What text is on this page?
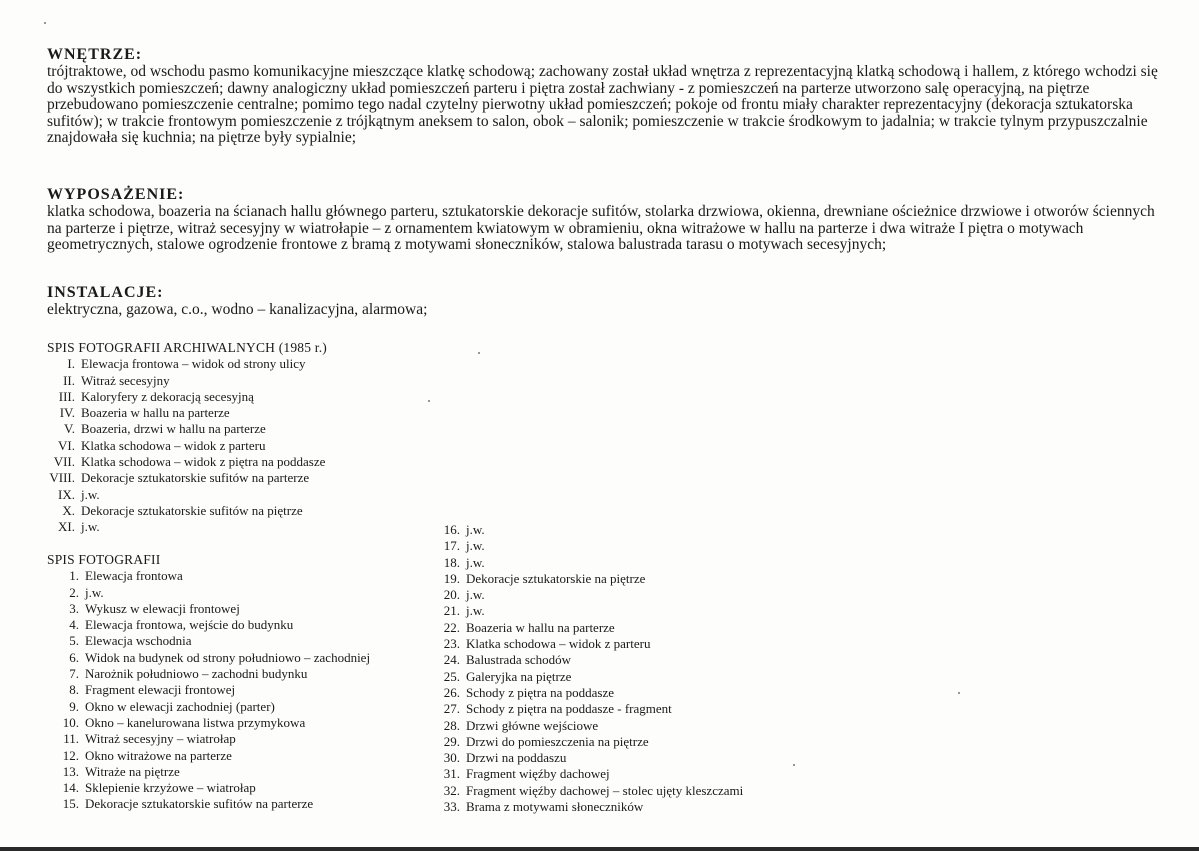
WNĘTRZE:

trójtraktowe, od wschodu pasmo komunikacyjne mieszczące klatkę schodową; zachowany został układ wnętrza z reprezentacyjną klatką schodową i hallem, z którego wchodzi się do wszystkich pomieszczeń; dawny analogiczny układ pomieszczeń parteru i piętra został zachwiany - z pomieszczeń na parterze utworzono salę operacyjną, na piętrze przebudowano pomieszczenie centralne; pomimo tego nadal czytelny pierwotny układ pomieszczeń; pokoje od frontu miały charakter reprezentacyjny (dekoracja sztukatorska sufitów); w trakcie frontowym pomieszczenie z trójkątnym aneksem to salon, obok – salonik; pomieszczenie w trakcie środkowym to jadalnia; w trakcie tylnym przypuszczalnie znajdowała się kuchnia; na piętrze były sypialnie;

WYPOSAŻENIE:

klatka schodowa, boazeria na ścianach hallu głównego parteru, sztukatorskie dekoracje sufitów, stolarka drzwiowa, okienna, drewniane ościeżnice drzwiowe i otworów ściennych na parterze i piętrze, witraż secesyjny w wiatrołapie – z ornamentem kwiatowym w obramieniu, okna witrażowe w hallu na parterze i dwa witraże I piętra o motywach geometrycznych, stalowe ogrodzenie frontowe z bramą z motywami słoneczników, stalowa balustrada tarasu o motywach secesyjnych;

INSTALACJE:

elektryczna, gazowa, c.o., wodno – kanalizacyjna, alarmowa;

SPIS FOTOGRAFII ARCHIWALNYCH (1985 r.)
I. Elewacja frontowa – widok od strony ulicy
II. Witraż secesyjny
III. Kaloryfery z dekoracją secesyjną
IV. Boazeria w hallu na parterze
V. Boazeria, drzwi w hallu na parterze
VI. Klatka schodowa – widok z parteru
VII. Klatka schodowa – widok z piętra na poddasze
VIII. Dekoracje sztukatorskie sufitów na parterze
IX. j.w.
X. Dekoracje sztukatorskie sufitów na piętrze
XI. j.w.
SPIS FOTOGRAFII
1. Elewacja frontowa
2. j.w.
3. Wykusz w elewacji frontowej
4. Elewacja frontowa, wejście do budynku
5. Elewacja wschodnia
6. Widok na budynek od strony południowo – zachodniej
7. Narożnik południowo – zachodni budynku
8. Fragment elewacji frontowej
9. Okno w elewacji zachodniej (parter)
10. Okno – kanelurowana listwa przymykowa
11. Witraż secesyjny – wiatrołap
12. Okno witrażowe na parterze
13. Witraże na piętrze
14. Sklepienie krzyżowe – wiatrołap
15. Dekoracje sztukatorskie sufitów na parterze
16. j.w.
17. j.w.
18. j.w.
19. Dekoracje sztukatorskie na piętrze
20. j.w.
21. j.w.
22. Boazeria w hallu na parterze
23. Klatka schodowa – widok z parteru
24. Balustrada schodów
25. Galeryjka na piętrze
26. Schody z piętra na poddasze
27. Schody z piętra na poddasze - fragment
28. Drzwi główne wejściowe
29. Drzwi do pomieszczenia na piętrze
30. Drzwi na poddaszu
31. Fragment więźby dachowej
32. Fragment więźby dachowej – stolec ujęty kleszczami
33. Brama z motywami słoneczników
